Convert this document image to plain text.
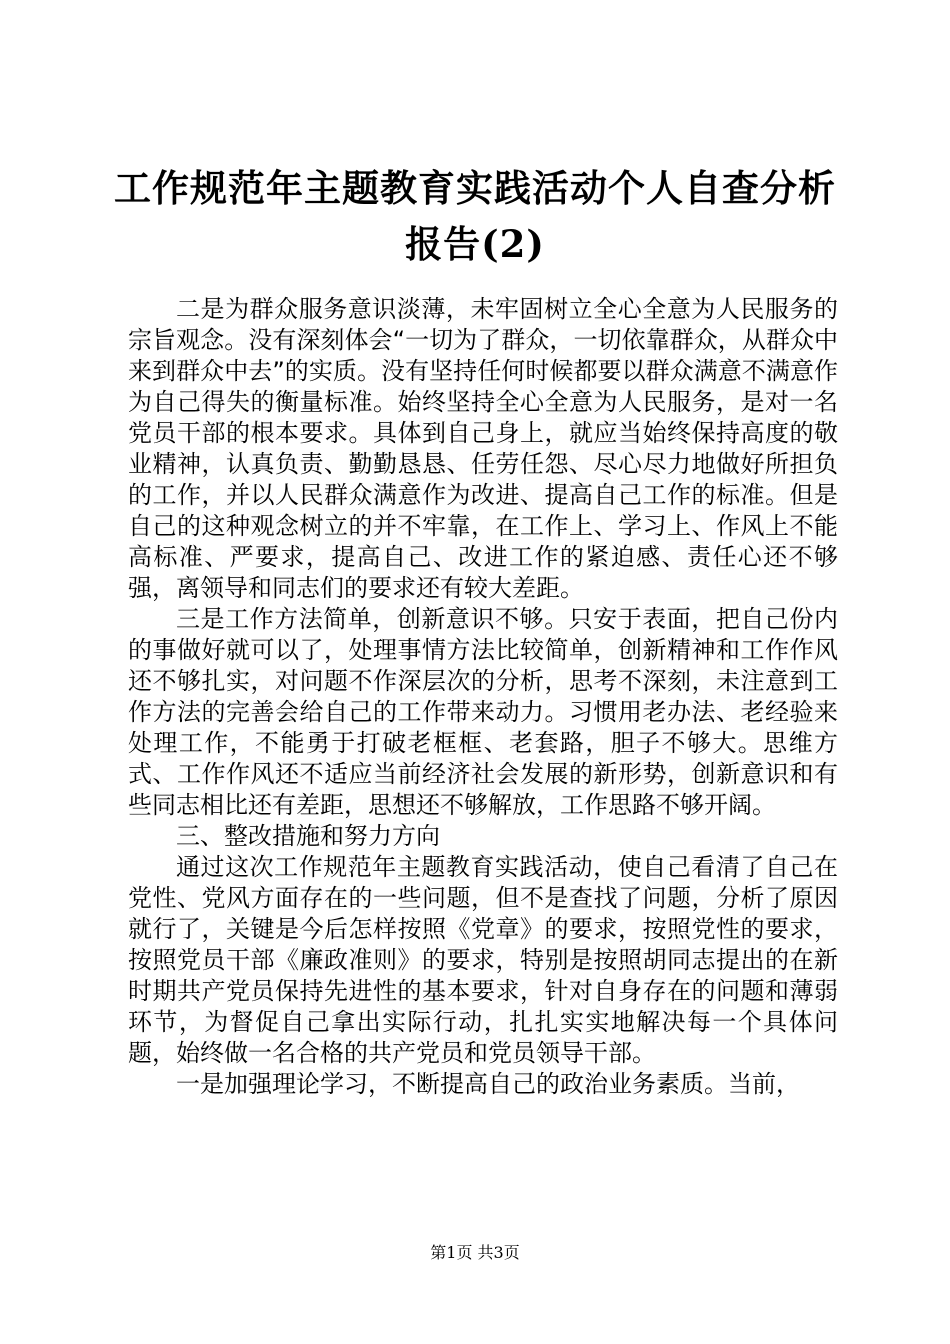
工作规范年主题教育实践活动个人自查分析报告(2)

二是为群众服务意识淡薄，未牢固树立全心全意为人民服务的宗旨观念。没有深刻体会“一切为了群众，一切依靠群众，从群众中来到群众中去”的实质。没有坚持任何时候都要以群众满意不满意作为自己得失的衡量标准。始终坚持全心全意为人民服务，是对一名党员干部的根本要求。具体到自己身上，就应当始终保持高度的敬业精神，认真负责、勤勤恳恳、任劳任怨、尽心尽力地做好所担负的工作，并以人民群众满意作为改进、提高自己工作的标准。但是自己的这种观念树立的并不牢靠，在工作上、学习上、作风上不能高标准、严要求，提高自己、改进工作的紧迫感、责任心还不够强，离领导和同志们的要求还有较大差距。

三是工作方法简单，创新意识不够。只安于表面，把自己份内的事做好就可以了，处理事情方法比较简单，创新精神和工作作风还不够扎实，对问题不作深层次的分析，思考不深刻，未注意到工作方法的完善会给自己的工作带来动力。习惯用老办法、老经验来处理工作，不能勇于打破老框框、老套路，胆子不够大。思维方式、工作作风还不适应当前经济社会发展的新形势，创新意识和有些同志相比还有差距，思想还不够解放，工作思路不够开阔。

三、整改措施和努力方向

通过这次工作规范年主题教育实践活动，使自己看清了自己在党性、党风方面存在的一些问题，但不是查找了问题，分析了原因就行了，关键是今后怎样按照《党章》的要求，按照党性的要求，按照党员干部《廉政准则》的要求，特别是按照胡同志提出的在新时期共产党员保持先进性的基本要求，针对自身存在的问题和薄弱环节，为督促自己拿出实际行动，扎扎实实地解决每一个具体问题，始终做一名合格的共产党员和党员领导干部。

一是加强理论学习，不断提高自己的政治业务素质。当前，

第1页 共3页
